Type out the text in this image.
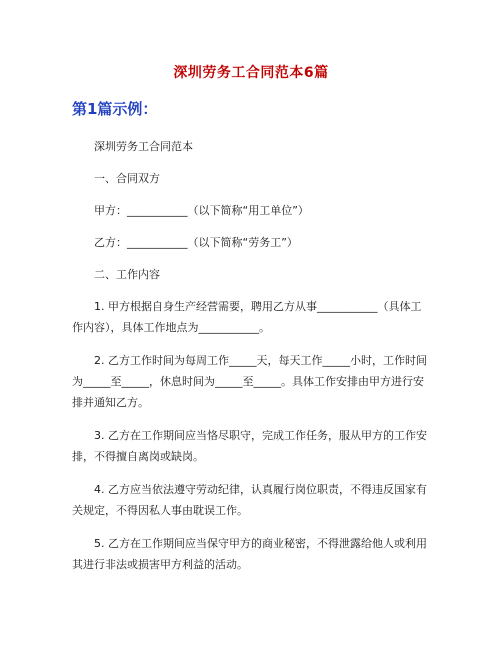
深圳劳务工合同范本6篇
第1篇示例：

深圳劳务工合同范本

一、合同双方

甲方：___________（以下简称“用工单位”）

乙方：___________（以下简称“劳务工”）

二、工作内容

1. 甲方根据自身生产经营需要，聘用乙方从事___________（具体工作内容），具体工作地点为___________。

2. 乙方工作时间为每周工作_____天，每天工作_____小时，工作时间为_____至_____，休息时间为_____至_____。具体工作安排由甲方进行安排并通知乙方。

3. 乙方在工作期间应当恪尽职守，完成工作任务，服从甲方的工作安排，不得擅自离岗或缺岗。

4. 乙方应当依法遵守劳动纪律，认真履行岗位职责，不得违反国家有关规定，不得因私人事由耽误工作。

5. 乙方在工作期间应当保守甲方的商业秘密，不得泄露给他人或利用其进行非法或损害甲方利益的活动。
